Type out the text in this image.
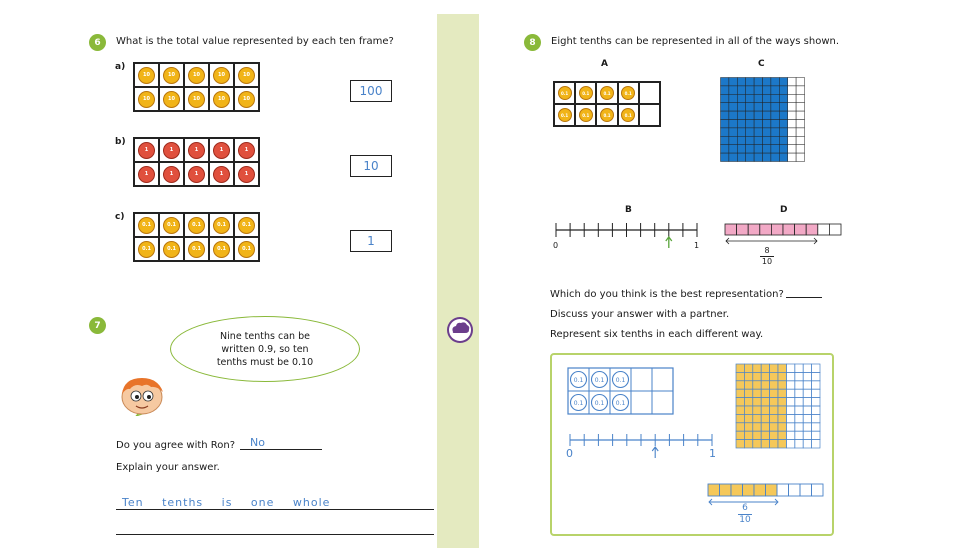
6	What is the total value represented by each ten frame?
a)
10	10	10	10	10
10	10	10	10	10
100
b)
1	1	1	1	1
1	1	1	1	1
10
c)
0.1	0.1	0.1	0.1	0.1
0.1	0.1	0.1	0.1	0.1
1
7
Nine tenths can be written 0.9, so ten tenths must be 0.10
Do you agree with Ron?	No
Explain your answer.
Ten tenths is one whole
8	Eight tenths can be represented in all of the ways shown.
A
0.1	0.1	0.1	0.1
0.1	0.1	0.1	0.1
C
B
0	1
D
$\frac{8}{10}$
Which do you think is the best representation?
Discuss your answer with a partner.
Represent six tenths in each different way.
0.1 0.1 0.1
0.1 0.1 0.1
0	1
$\frac{6}{10}$
